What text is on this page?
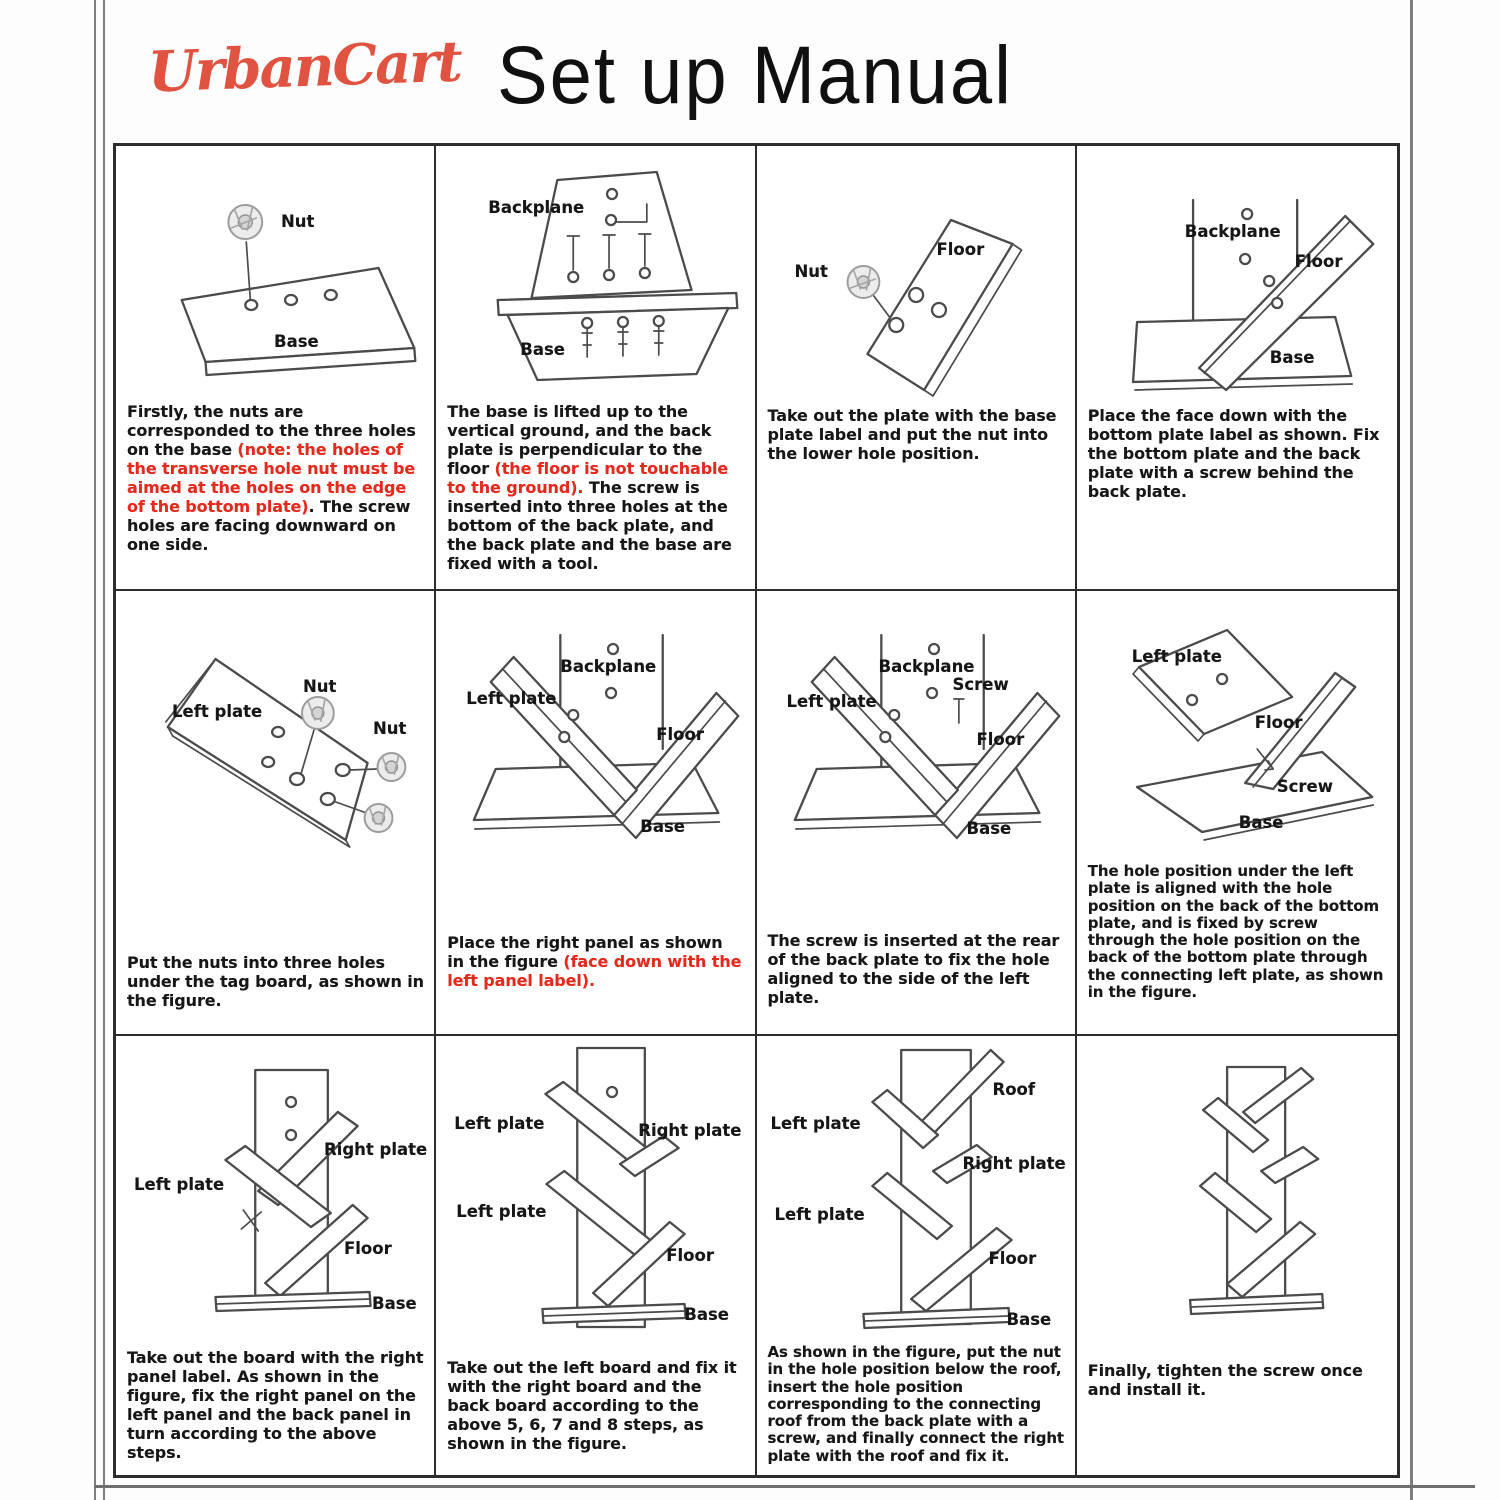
UrbanCart Set up Manual
Nut
Base

Firstly, the nuts are corresponded to the three holes on the base (note: the holes of the transverse hole nut must be aimed at the holes on the edge of the bottom plate). The screw holes are facing downward on one side.

Backplane
Base

The base is lifted up to the vertical ground, and the back plate is perpendicular to the floor (the floor is not touchable to the ground). The screw is inserted into three holes at the bottom of the back plate, and the back plate and the base are fixed with a tool.

Nut
Floor

Take out the plate with the base plate label and put the nut into the lower hole position.

Backplane
Floor
Base

Place the face down with the bottom plate label as shown. Fix the bottom plate and the back plate with a screw behind the back plate.

Left plate
Nut
Nut

Put the nuts into three holes under the tag board, as shown in the figure.

Left plate
Backplane
Floor
Base

Place the right panel as shown in the figure (face down with the left panel label).

Left plate
Backplane
Screw
Floor
Base

The screw is inserted at the rear of the back plate to fix the hole aligned to the side of the left plate.

Left plate
Floor
Screw
Base

The hole position under the left plate is aligned with the hole position on the back of the bottom plate, and is fixed by screw through the hole position on the back of the bottom plate through the connecting left plate, as shown in the figure.

Left plate
Right plate
Floor
Base

Take out the board with the right panel label. As shown in the figure, fix the right panel on the left panel and the back panel in turn according to the above steps.

Left plate	Right plate
Left plate
Floor
Base

Take out the left board and fix it with the right board and the back board according to the above 5, 6, 7 and 8 steps, as shown in the figure.

Roof
Left plate
Right plate
Left plate
Floor
Base

As shown in the figure, put the nut in the hole position below the roof, insert the hole position corresponding to the connecting roof from the back plate with a screw, and finally connect the right plate with the roof and fix it.

Finally, tighten the screw once and install it.
